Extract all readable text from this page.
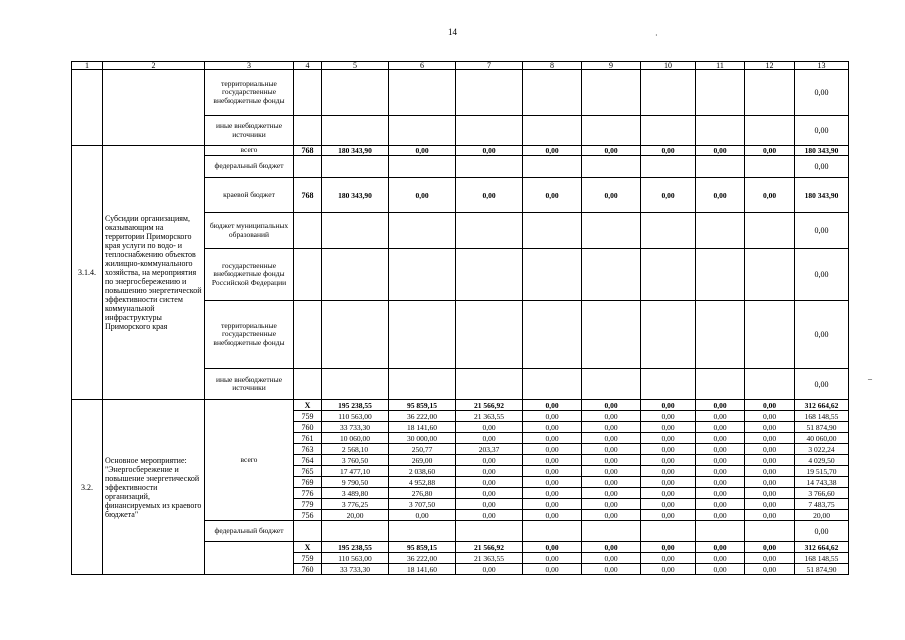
14
–
·
1	2	3	4	5	6	7	8	9	10	11	12	13
		территориальные государственные внебюджетные фонды										0,00
		иные внебюджетные источники										0,00
3.1.4.	Субсидии организациям, оказывающим на территории Приморского края услуги по водо- и теплоснабжению объектов жилищно-коммунального хозяйства, на мероприятия по энергосбережению и повышению энергетической эффективности систем коммунальной инфраструктуры Приморского края	всего	768	180 343,90	0,00	0,00	0,00	0,00	0,00	0,00	0,00	180 343,90
		федеральный бюджет										0,00
		краевой бюджет	768	180 343,90	0,00	0,00	0,00	0,00	0,00	0,00	0,00	180 343,90
		бюджет муниципальных образований										0,00
		государственные внебюджетные фонды Российской Федерации										0,00
		территориальные государственные внебюджетные фонды										0,00
		иные внебюджетные источники										0,00
3.2.	Основное мероприятие: "Энергосбережение и повышение энергетической эффективности организаций, финансируемых из краевого бюджета"	всего	X	195 238,55	95 859,15	21 566,92	0,00	0,00	0,00	0,00	0,00	312 664,62
			759	110 563,00	36 222,00	21 363,55	0,00	0,00	0,00	0,00	0,00	168 148,55
			760	33 733,30	18 141,60	0,00	0,00	0,00	0,00	0,00	0,00	51 874,90
			761	10 060,00	30 000,00	0,00	0,00	0,00	0,00	0,00	0,00	40 060,00
			763	2 568,10	250,77	203,37	0,00	0,00	0,00	0,00	0,00	3 022,24
			764	3 760,50	269,00	0,00	0,00	0,00	0,00	0,00	0,00	4 029,50
			765	17 477,10	2 038,60	0,00	0,00	0,00	0,00	0,00	0,00	19 515,70
			769	9 790,50	4 952,88	0,00	0,00	0,00	0,00	0,00	0,00	14 743,38
			776	3 489,80	276,80	0,00	0,00	0,00	0,00	0,00	0,00	3 766,60
			779	3 776,25	3 707,50	0,00	0,00	0,00	0,00	0,00	0,00	7 483,75
			756	20,00	0,00	0,00	0,00	0,00	0,00	0,00	0,00	20,00
		федеральный бюджет										0,00
			X	195 238,55	95 859,15	21 566,92	0,00	0,00	0,00	0,00	0,00	312 664,62
			759	110 563,00	36 222,00	21 363,55	0,00	0,00	0,00	0,00	0,00	168 148,55
			760	33 733,30	18 141,60	0,00	0,00	0,00	0,00	0,00	0,00	51 874,90
